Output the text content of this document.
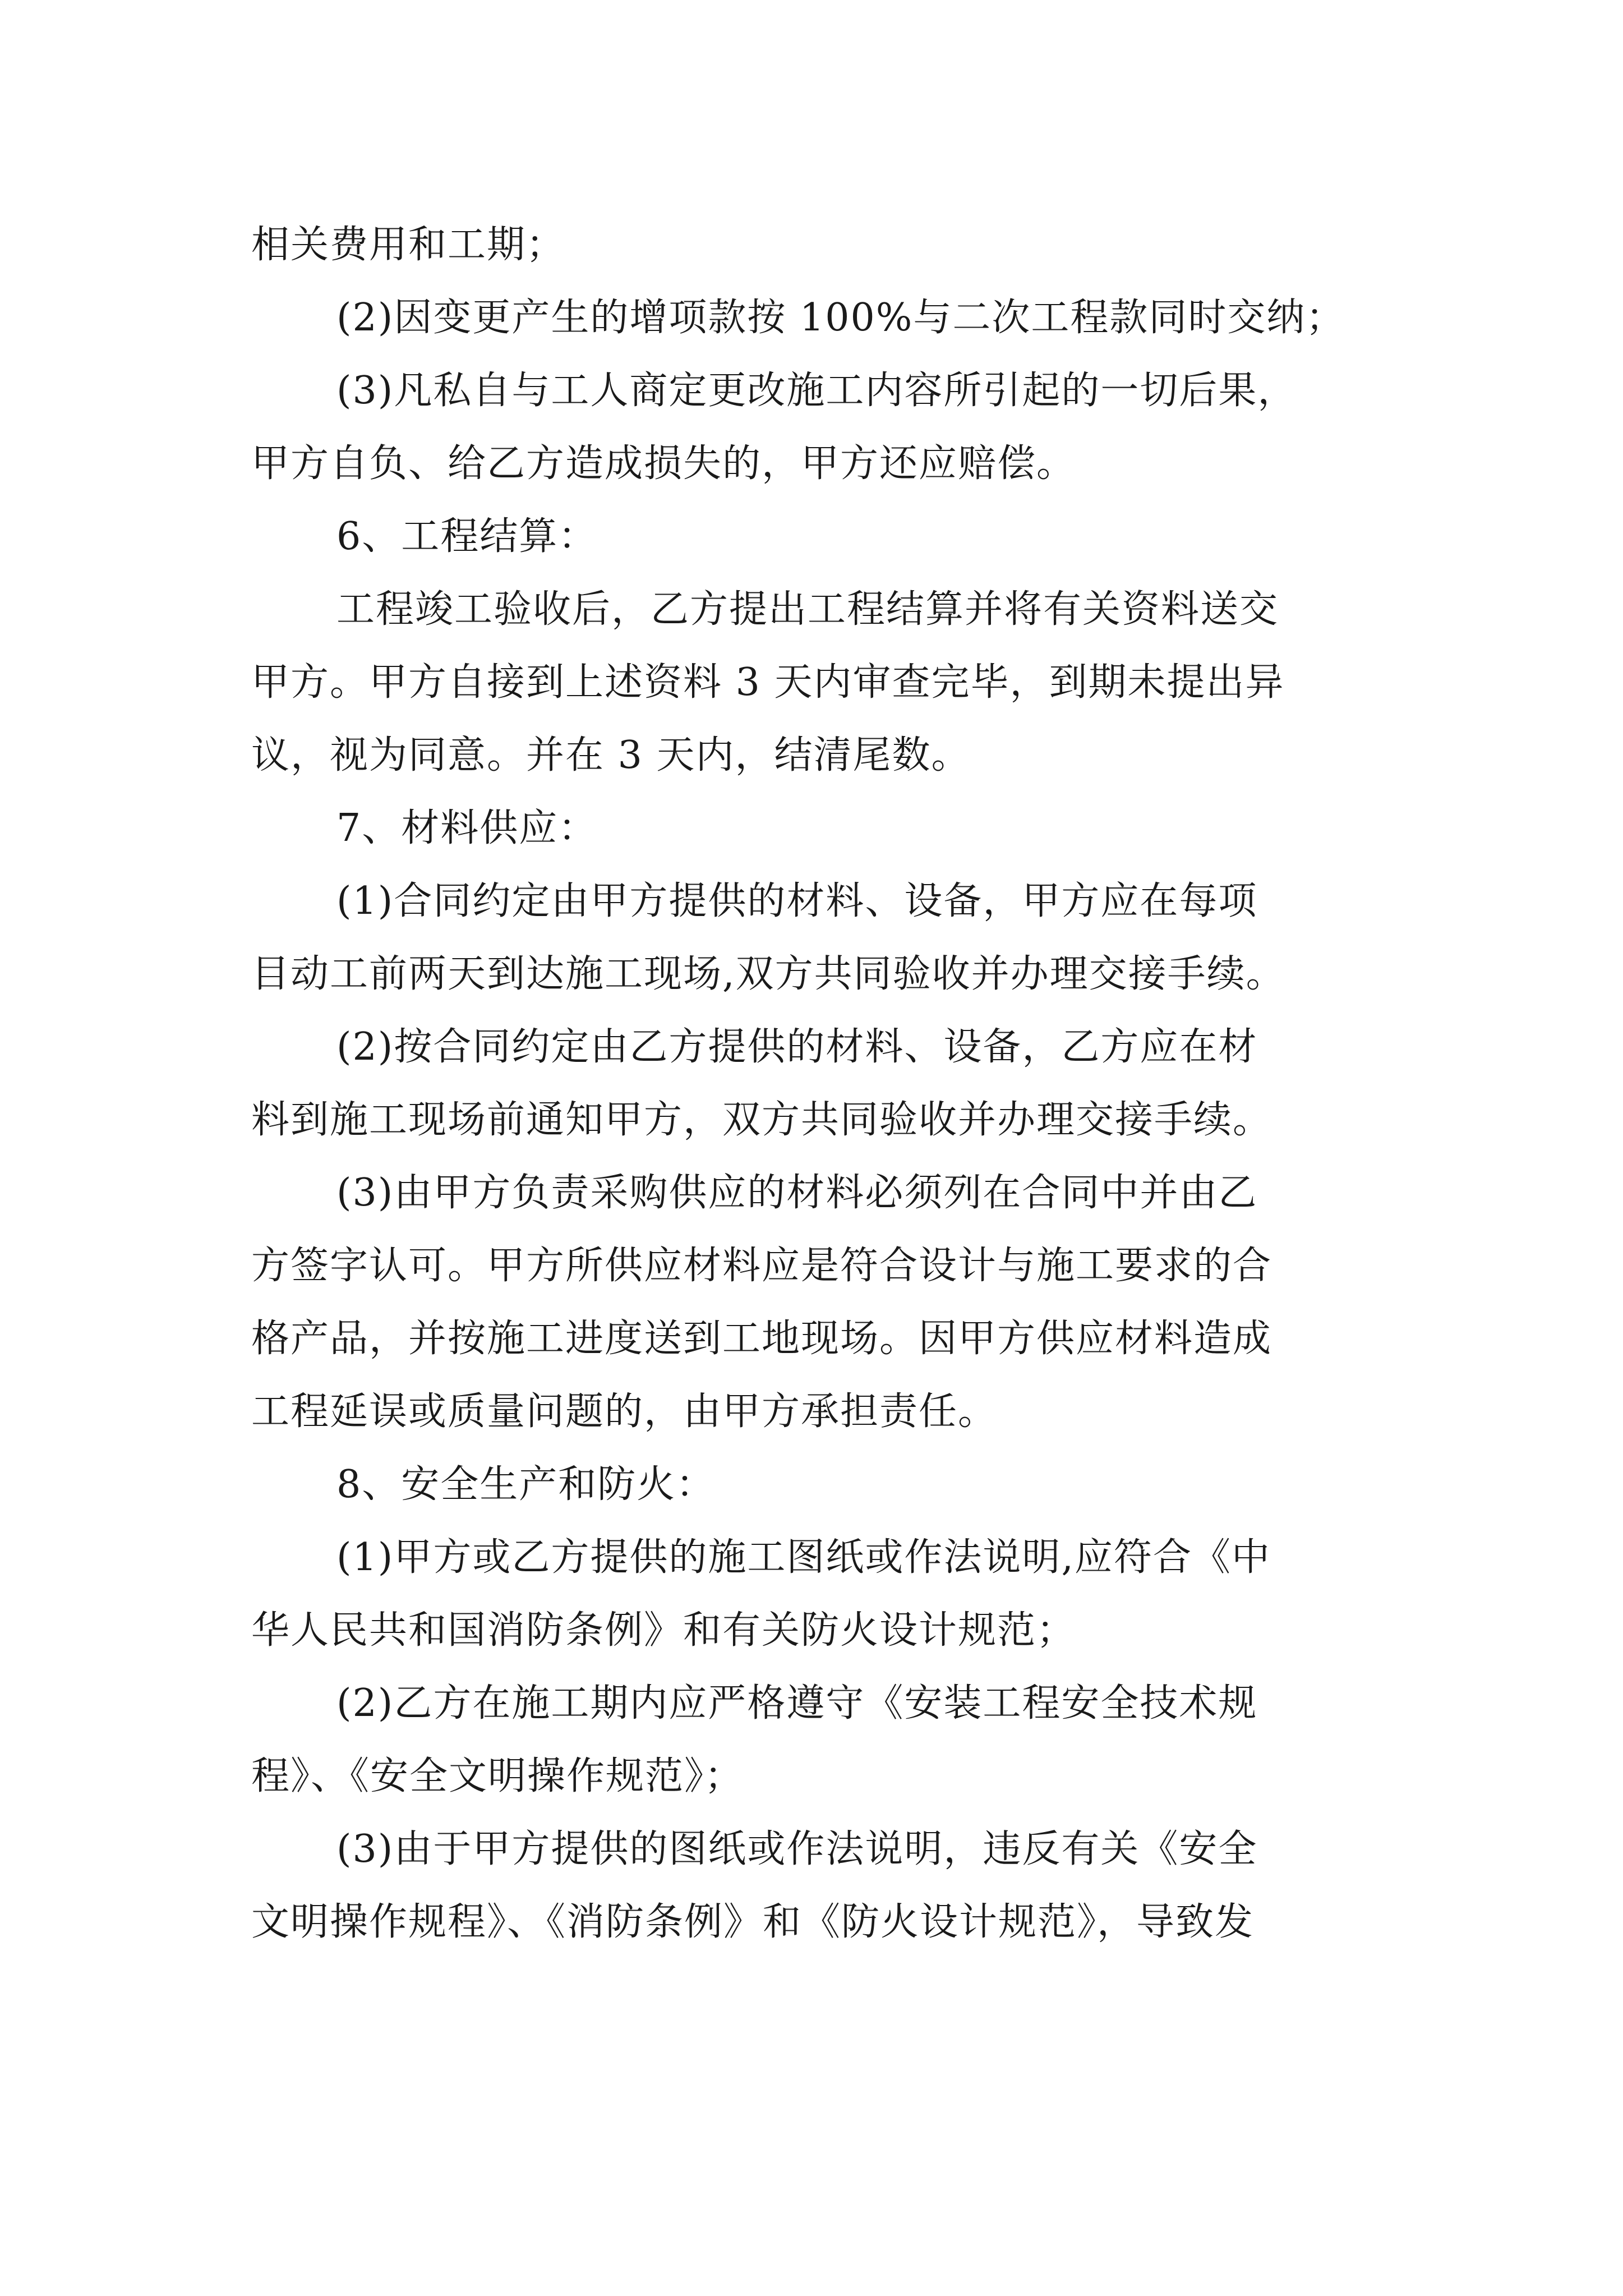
相关费用和工期；
(2)因变更产生的增项款按 100%与二次工程款同时交纳；
(3)凡私自与工人商定更改施工内容所引起的一切后果，
甲方自负、给乙方造成损失的，甲方还应赔偿。
6、工程结算：
工程竣工验收后，乙方提出工程结算并将有关资料送交
甲方。甲方自接到上述资料 3 天内审查完毕，到期未提出异
议，视为同意。并在 3 天内，结清尾数。
7、材料供应：
(1)合同约定由甲方提供的材料、设备，甲方应在每项
目动工前两天到达施工现场,双方共同验收并办理交接手续。
(2)按合同约定由乙方提供的材料、设备，乙方应在材
料到施工现场前通知甲方，双方共同验收并办理交接手续。
(3)由甲方负责采购供应的材料必须列在合同中并由乙
方签字认可。甲方所供应材料应是符合设计与施工要求的合
格产品，并按施工进度送到工地现场。因甲方供应材料造成
工程延误或质量问题的，由甲方承担责任。
8、安全生产和防火：
(1)甲方或乙方提供的施工图纸或作法说明,应符合《中
华人民共和国消防条例》和有关防火设计规范；
(2)乙方在施工期内应严格遵守《安装工程安全技术规
程》、《安全文明操作规范》；
(3)由于甲方提供的图纸或作法说明，违反有关《安全
文明操作规程》、《消防条例》和《防火设计规范》，导致发
